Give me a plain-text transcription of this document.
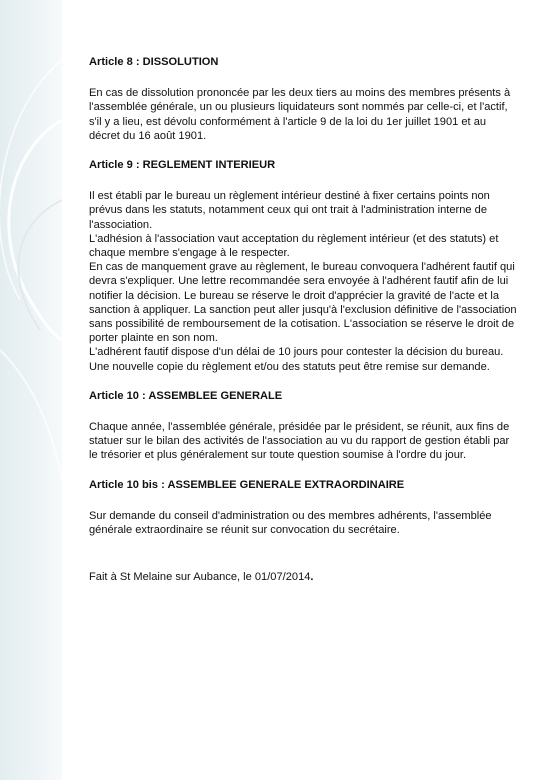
Article 8 : DISSOLUTION

En cas de dissolution prononcée par les deux tiers au moins des membres présents à l'assemblée générale, un ou plusieurs liquidateurs sont nommés par celle-ci, et l'actif, s'il y a lieu, est dévolu conformément à l'article 9 de la loi du 1er juillet 1901 et au décret du 16 août 1901.

Article 9 : REGLEMENT INTERIEUR

Il est établi par le bureau un règlement intérieur destiné à fixer certains points non prévus dans les statuts, notamment ceux qui ont trait à l'administration interne de l'association.

L'adhésion à l'association vaut acceptation du règlement intérieur (et des statuts) et chaque membre s'engage à le respecter.

En cas de manquement grave au règlement, le bureau convoquera l'adhérent fautif qui devra s'expliquer. Une lettre recommandée sera envoyée à l'adhérent fautif afin de lui notifier la décision. Le bureau se réserve le droit d'apprécier la gravité de l'acte et la sanction à appliquer. La sanction peut aller jusqu'à l'exclusion définitive de l'association sans possibilité de remboursement de la cotisation. L'association se réserve le droit de porter plainte en son nom.

L'adhérent fautif dispose d'un délai de 10 jours pour contester la décision du bureau.

Une nouvelle copie du règlement et/ou des statuts peut être remise sur demande.

Article 10 : ASSEMBLEE GENERALE

Chaque année, l'assemblée générale, présidée par le président, se réunit, aux fins de statuer sur le bilan des activités de l'association au vu du rapport de gestion établi par le trésorier et plus généralement sur toute question soumise à l'ordre du jour.

Article 10 bis : ASSEMBLEE GENERALE EXTRAORDINAIRE

Sur demande du conseil d'administration ou des membres adhérents, l'assemblée générale extraordinaire se réunit sur convocation du secrétaire.

Fait à St Melaine sur Aubance, le 01/07/2014.
